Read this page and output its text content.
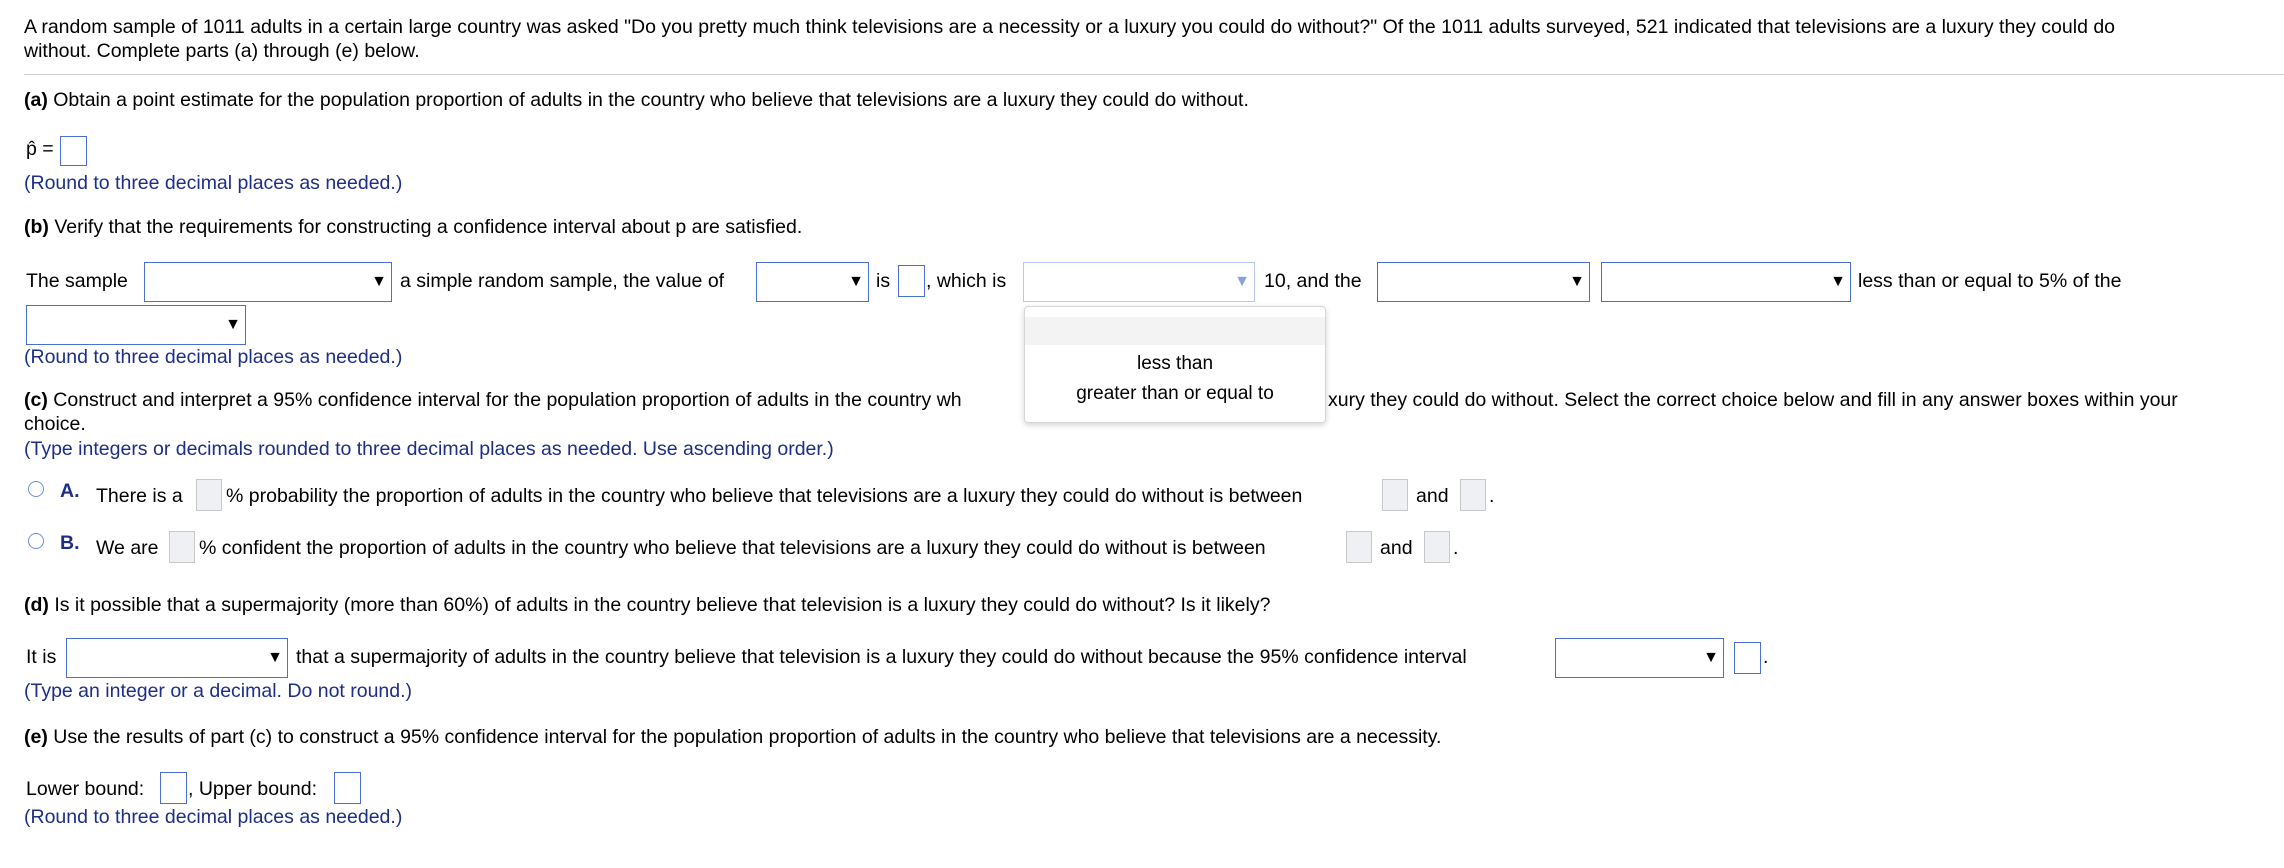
A random sample of 1011 adults in a certain large country was asked "Do you pretty much think televisions are a necessity or a luxury you could do without?" Of the 1011 adults surveyed, 521 indicated that televisions are a luxury they could do
without. Complete parts (a) through (e) below.
(a) Obtain a point estimate for the population proportion of adults in the country who believe that televisions are a luxury they could do without.
p̂ =
(Round to three decimal places as needed.)
(b) Verify that the requirements for constructing a confidence interval about p are satisfied.
The sample	▼ a simple random sample, the value of	▼ is , which is	▼ 10, and the	▼	▼ less than or equal to 5% of the
▼
(Round to three decimal places as needed.)
(c) Construct and interpret a 95% confidence interval for the population proportion of adults in the country wh	xury they could do without. Select the correct choice below and fill in any answer boxes within your
choice.
(Type integers or decimals rounded to three decimal places as needed. Use ascending order.)
A. There is a % probability the proportion of adults in the country who believe that televisions are a luxury they could do without is between	and .
B. We are % confident the proportion of adults in the country who believe that televisions are a luxury they could do without is between	and .
(d) Is it possible that a supermajority (more than 60%) of adults in the country believe that television is a luxury they could do without? Is it likely?
It is	▼ that a supermajority of adults in the country believe that television is a luxury they could do without because the 95% confidence interval	▼ .
(Type an integer or a decimal. Do not round.)
(e) Use the results of part (c) to construct a 95% confidence interval for the population proportion of adults in the country who believe that televisions are a necessity.
Lower bound: , Upper bound:
(Round to three decimal places as needed.)
less than
greater than or equal to
